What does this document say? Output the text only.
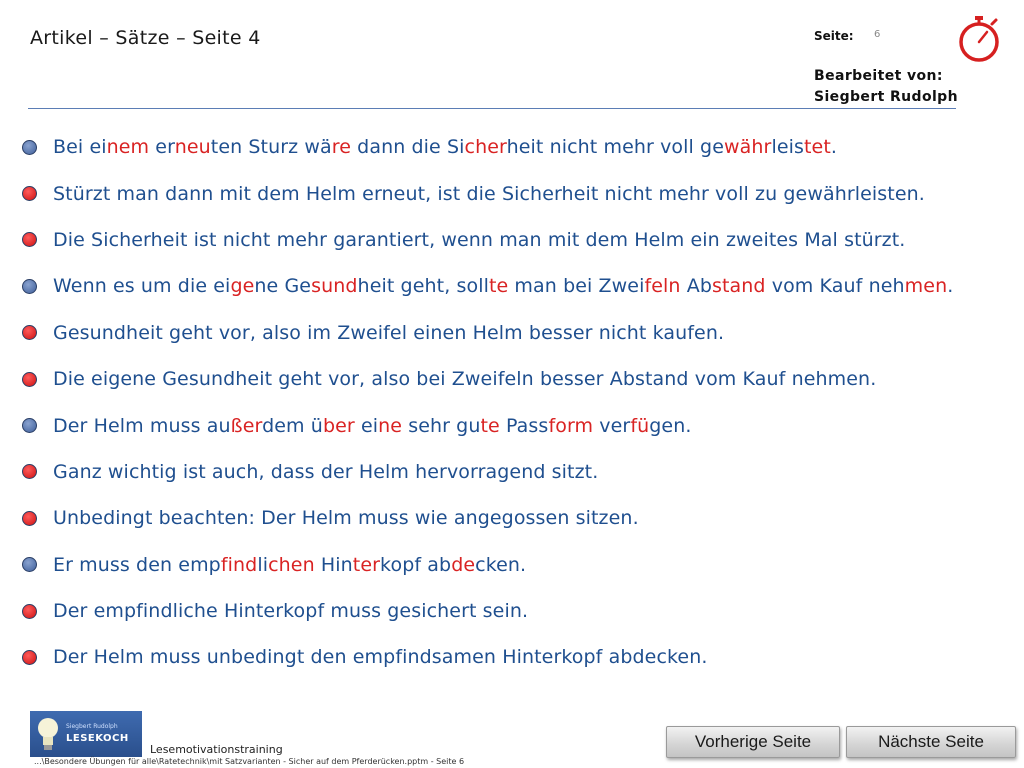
Artikel – Sätze – Seite 4	Seite: 6
Bearbeitet von:
Siegbert Rudolph
Bei einem erneuten Sturz wäre dann die Sicherheit nicht mehr voll gewährleistet.
Stürzt man dann mit dem Helm erneut, ist die Sicherheit nicht mehr voll zu gewährleisten.
Die Sicherheit ist nicht mehr garantiert, wenn man mit dem Helm ein zweites Mal stürzt.
Wenn es um die eigene Gesundheit geht, sollte man bei Zweifeln Abstand vom Kauf nehmen.
Gesundheit geht vor, also im Zweifel einen Helm besser nicht kaufen.
Die eigene Gesundheit geht vor, also bei Zweifeln besser Abstand vom Kauf nehmen.
Der Helm muss außerdem über eine sehr gute Passform verfügen.
Ganz wichtig ist auch, dass der Helm hervorragend sitzt.
Unbedingt beachten: Der Helm muss wie angegossen sitzen.
Er muss den empfindlichen Hinterkopf abdecken.
Der empfindliche Hinterkopf muss gesichert sein.
Der Helm muss unbedingt den empfindsamen Hinterkopf abdecken.
Siegbert Rudolph
LESEKOCH
Lesemotivationstraining
...\Besondere Übungen für alle\Ratetechnik\mit Satzvarianten - Sicher auf dem Pferderücken.pptm - Seite 6
Vorherige Seite	Nächste Seite
